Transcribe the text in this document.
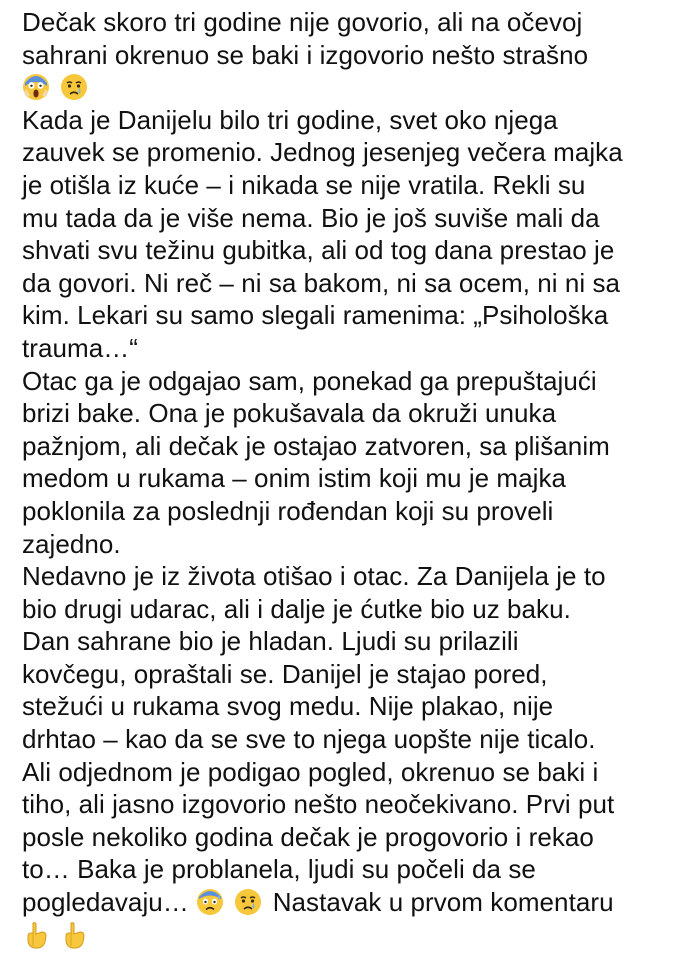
Dečak skoro tri godine nije govorio, ali na očevoj
sahrani okrenuo se baki i izgovorio nešto strašno

Kada je Danijelu bilo tri godine, svet oko njega
zauvek se promenio. Jednog jesenjeg večera majka
je otišla iz kuće – i nikada se nije vratila. Rekli su
mu tada da je više nema. Bio je još suviše mali da
shvati svu težinu gubitka, ali od tog dana prestao je
da govori. Ni reč – ni sa bakom, ni sa ocem, ni ni sa
kim. Lekari su samo slegali ramenima: „Psihološka
trauma…“
Otac ga je odgajao sam, ponekad ga prepuštajući
brizi bake. Ona je pokušavala da okruži unuka
pažnjom, ali dečak je ostajao zatvoren, sa plišanim
medom u rukama – onim istim koji mu je majka
poklonila za poslednji rođendan koji su proveli
zajedno.
Nedavno je iz života otišao i otac. Za Danijela je to
bio drugi udarac, ali i dalje je ćutke bio uz baku.
Dan sahrane bio je hladan. Ljudi su prilazili
kovčegu, opraštali se. Danijel je stajao pored,
stežući u rukama svog medu. Nije plakao, nije
drhtao – kao da se sve to njega uopšte nije ticalo.
Ali odjednom je podigao pogled, okrenuo se baki i
tiho, ali jasno izgovorio nešto neočekivano. Prvi put
posle nekoliko godina dečak je progovorio i rekao
to… Baka je problanela, ljudi su počeli da se
pogledavaju…
	Nastavak u prvom komentaru
